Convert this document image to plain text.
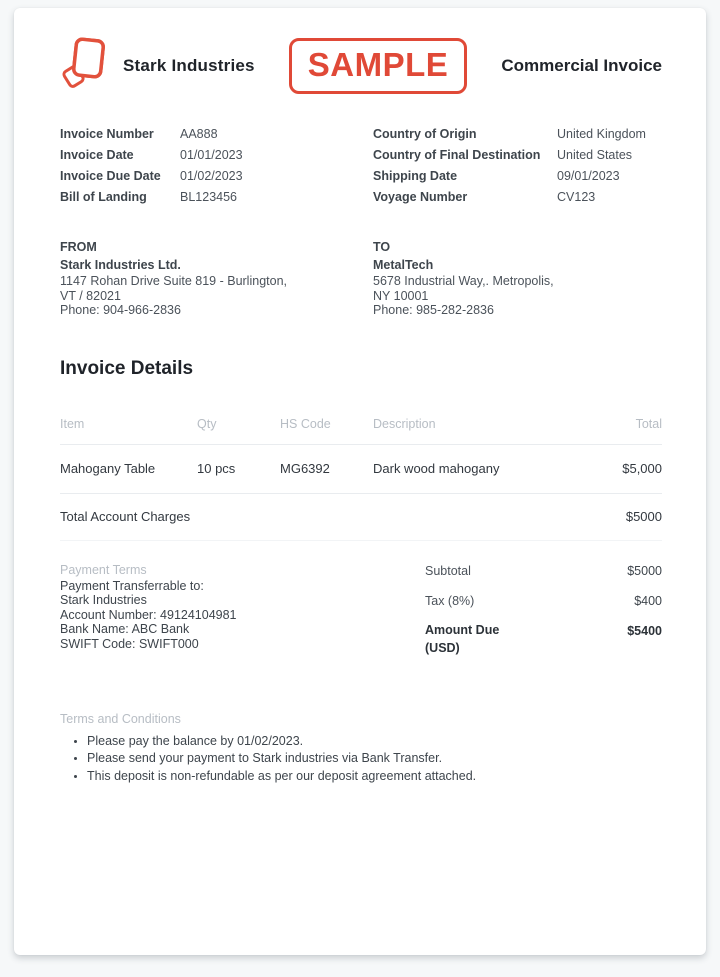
Stark Industries	SAMPLE	Commercial Invoice
Invoice Number	AA888
Invoice Date	01/01/2023
Invoice Due Date	01/02/2023
Bill of Landing	BL123456
Country of Origin	United Kingdom
Country of Final Destination	United States
Shipping Date	09/01/2023
Voyage Number	CV123
FROM
Stark Industries Ltd.
1147 Rohan Drive Suite 819 - Burlington,
VT / 82021
Phone: 904-966-2836
TO
MetalTech
5678 Industrial Way,. Metropolis,
NY 10001
Phone: 985-282-2836
Invoice Details
Item	Qty	HS Code	Description	Total
Mahogany Table	10 pcs	MG6392	Dark wood mahogany	$5,000
Total Account Charges	$5000
Payment Terms
Payment Transferrable to:
Stark Industries
Account Number: 49124104981
Bank Name: ABC Bank
SWIFT Code: SWIFT000
Subtotal	$5000
Tax (8%)	$400
Amount Due (USD)
$5400
Terms and Conditions
• Please pay the balance by 01/02/2023.
• Please send your payment to Stark industries via Bank Transfer.
• This deposit is non-refundable as per our deposit agreement attached.
